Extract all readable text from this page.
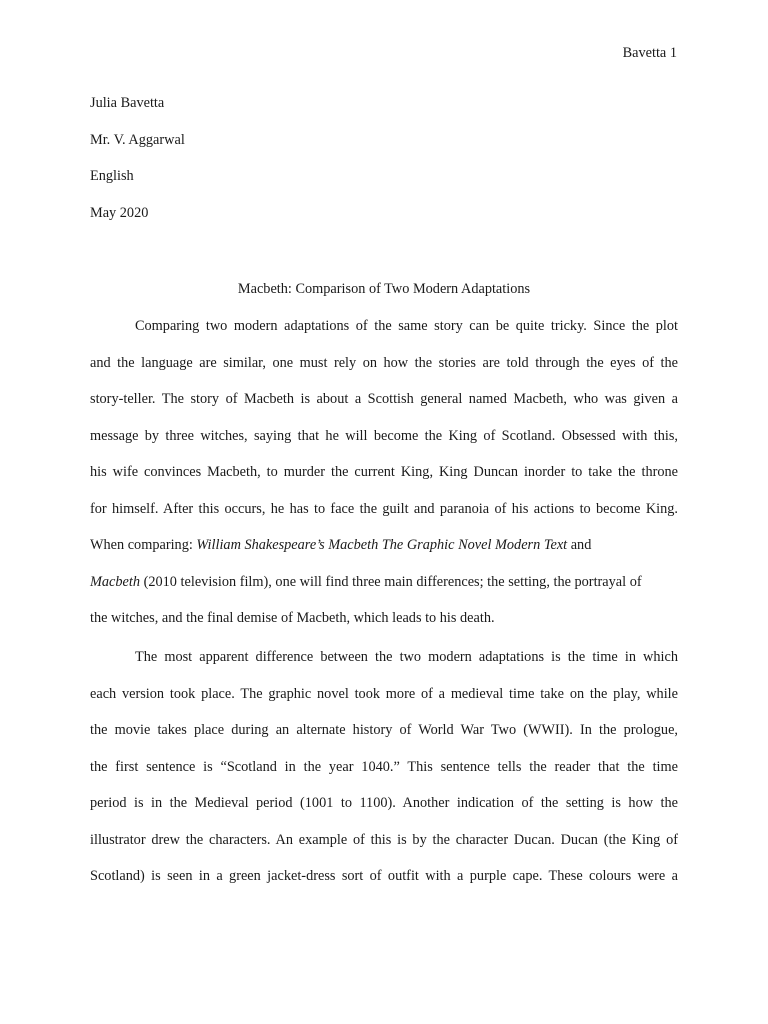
Bavetta 1
Julia Bavetta
Mr. V. Aggarwal
English
May 2020
Macbeth: Comparison of Two Modern Adaptations
Comparing two modern adaptations of the same story can be quite tricky. Since the plot
and the language are similar, one must rely on how the stories are told through the eyes of the
story-teller. The story of Macbeth is about a Scottish general named Macbeth, who was given a
message by three witches, saying that he will become the King of Scotland. Obsessed with this,
his wife convinces Macbeth, to murder the current King, King Duncan inorder to take the throne
for himself. After this occurs, he has to face the guilt and paranoia of his actions to become King.
When comparing: William Shakespeare’s Macbeth The Graphic Novel Modern Text and
Macbeth (2010 television film), one will find three main differences; the setting, the portrayal of
the witches, and the final demise of Macbeth, which leads to his death.
The most apparent difference between the two modern adaptations is the time in which
each version took place. The graphic novel took more of a medieval time take on the play, while
the movie takes place during an alternate history of World War Two (WWII). In the prologue,
the first sentence is “Scotland in the year 1040.” This sentence tells the reader that the time
period is in the Medieval period (1001 to 1100). Another indication of the setting is how the
illustrator drew the characters. An example of this is by the character Ducan. Ducan (the King of
Scotland) is seen in a green jacket-dress sort of outfit with a purple cape. These colours were a
